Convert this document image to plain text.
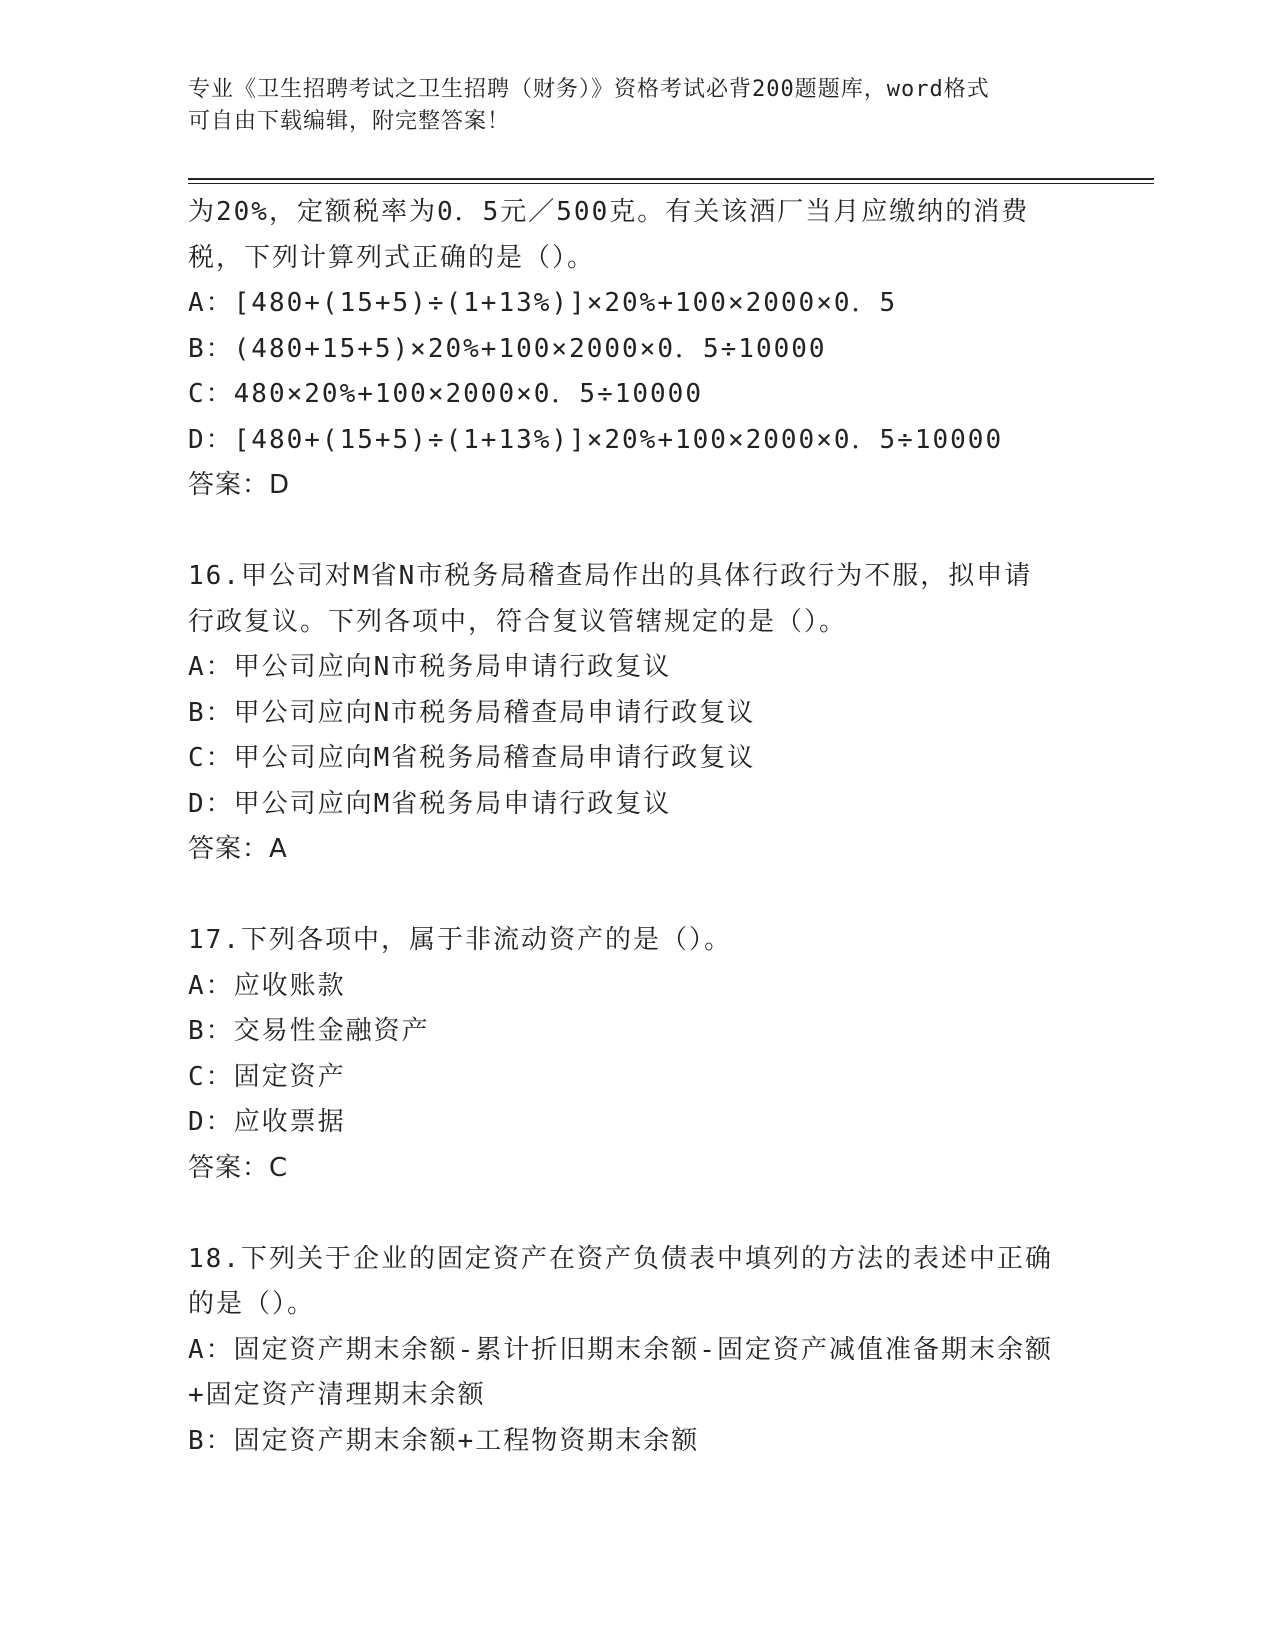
专业《卫生招聘考试之卫生招聘（财务）》资格考试必背200题题库，word格式
可自由下载编辑，附完整答案！
为20%，定额税率为0．5元／500克。有关该酒厂当月应缴纳的消费
税，下列计算列式正确的是（）。
A：[480+(15+5)÷(1+13%)]×20%+100×2000×0．5
B：(480+15+5)×20%+100×2000×0．5÷10000
C：480×20%+100×2000×0．5÷10000
D：[480+(15+5)÷(1+13%)]×20%+100×2000×0．5÷10000
答案：D
16.甲公司对M省N市税务局稽查局作出的具体行政行为不服，拟申请
行政复议。下列各项中，符合复议管辖规定的是（）。
A：甲公司应向N市税务局申请行政复议
B：甲公司应向N市税务局稽查局申请行政复议
C：甲公司应向M省税务局稽查局申请行政复议
D：甲公司应向M省税务局申请行政复议
答案：A
17.下列各项中，属于非流动资产的是（）。
A：应收账款
B：交易性金融资产
C：固定资产
D：应收票据
答案：C
18.下列关于企业的固定资产在资产负债表中填列的方法的表述中正确
的是（）。
A：固定资产期末余额-累计折旧期末余额-固定资产减值准备期末余额
+固定资产清理期末余额
B：固定资产期末余额+工程物资期末余额
